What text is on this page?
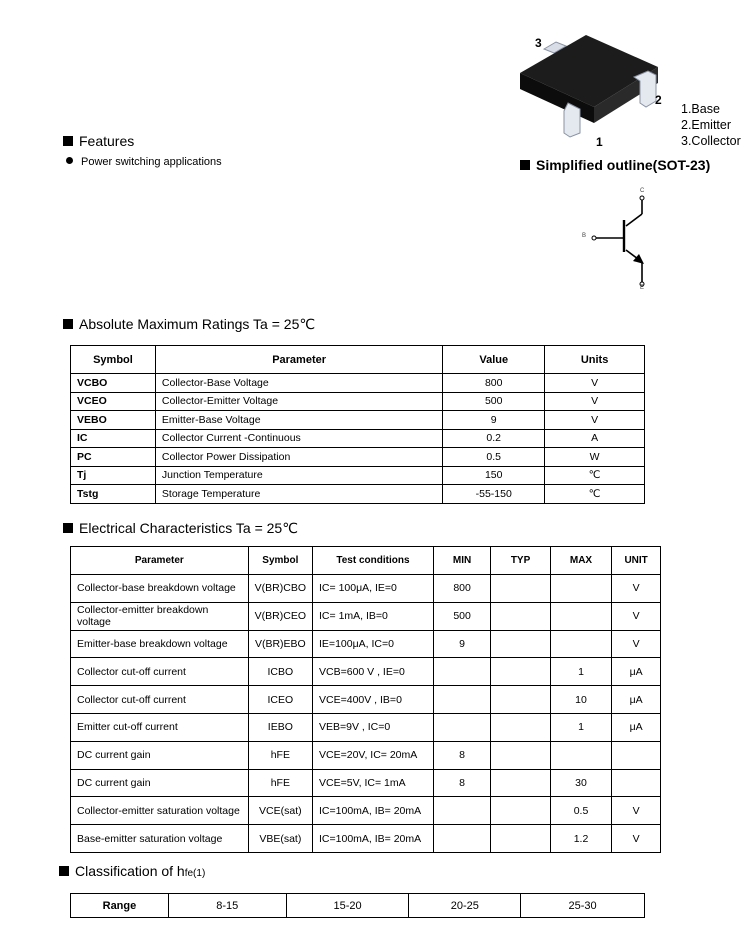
3
2
1
1.Base
2.Emitter
3.Collector
Simplified outline(SOT-23)
B
C
E
Features
Power switching applications
Absolute Maximum Ratings Ta = 25℃
Symbol	Parameter	Value	Units
VCBO	Collector-Base Voltage	800	V
VCEO	Collector-Emitter Voltage	500	V
VEBO	Emitter-Base Voltage	9	V
IC	Collector Current -Continuous	0.2	A
PC	Collector Power Dissipation	0.5	W
Tj	Junction Temperature	150	℃
Tstg	Storage Temperature	-55-150	℃
Electrical Characteristics Ta = 25℃
Parameter	Symbol	Test conditions	MIN	TYP	MAX	UNIT
Collector-base breakdown voltage	V(BR)CBO	IC= 100μA, IE=0	800			V
Collector-emitter breakdown voltage	V(BR)CEO	IC= 1mA, IB=0	500			V
Emitter-base breakdown voltage	V(BR)EBO	IE=100μA, IC=0	9			V
Collector cut-off current	ICBO	VCB=600 V , IE=0			1	μA
Collector cut-off current	ICEO	VCE=400V , IB=0			10	μA
Emitter cut-off current	IEBO	VEB=9V , IC=0			1	μA
DC current gain	hFE	VCE=20V, IC= 20mA	8			
DC current gain	hFE	VCE=5V, IC= 1mA	8		30	
Collector-emitter saturation voltage	VCE(sat)	IC=100mA, IB= 20mA			0.5	V
Base-emitter saturation voltage	VBE(sat)	IC=100mA, IB= 20mA			1.2	V
Classification of hfe(1)
Range	8-15	15-20	20-25	25-30
